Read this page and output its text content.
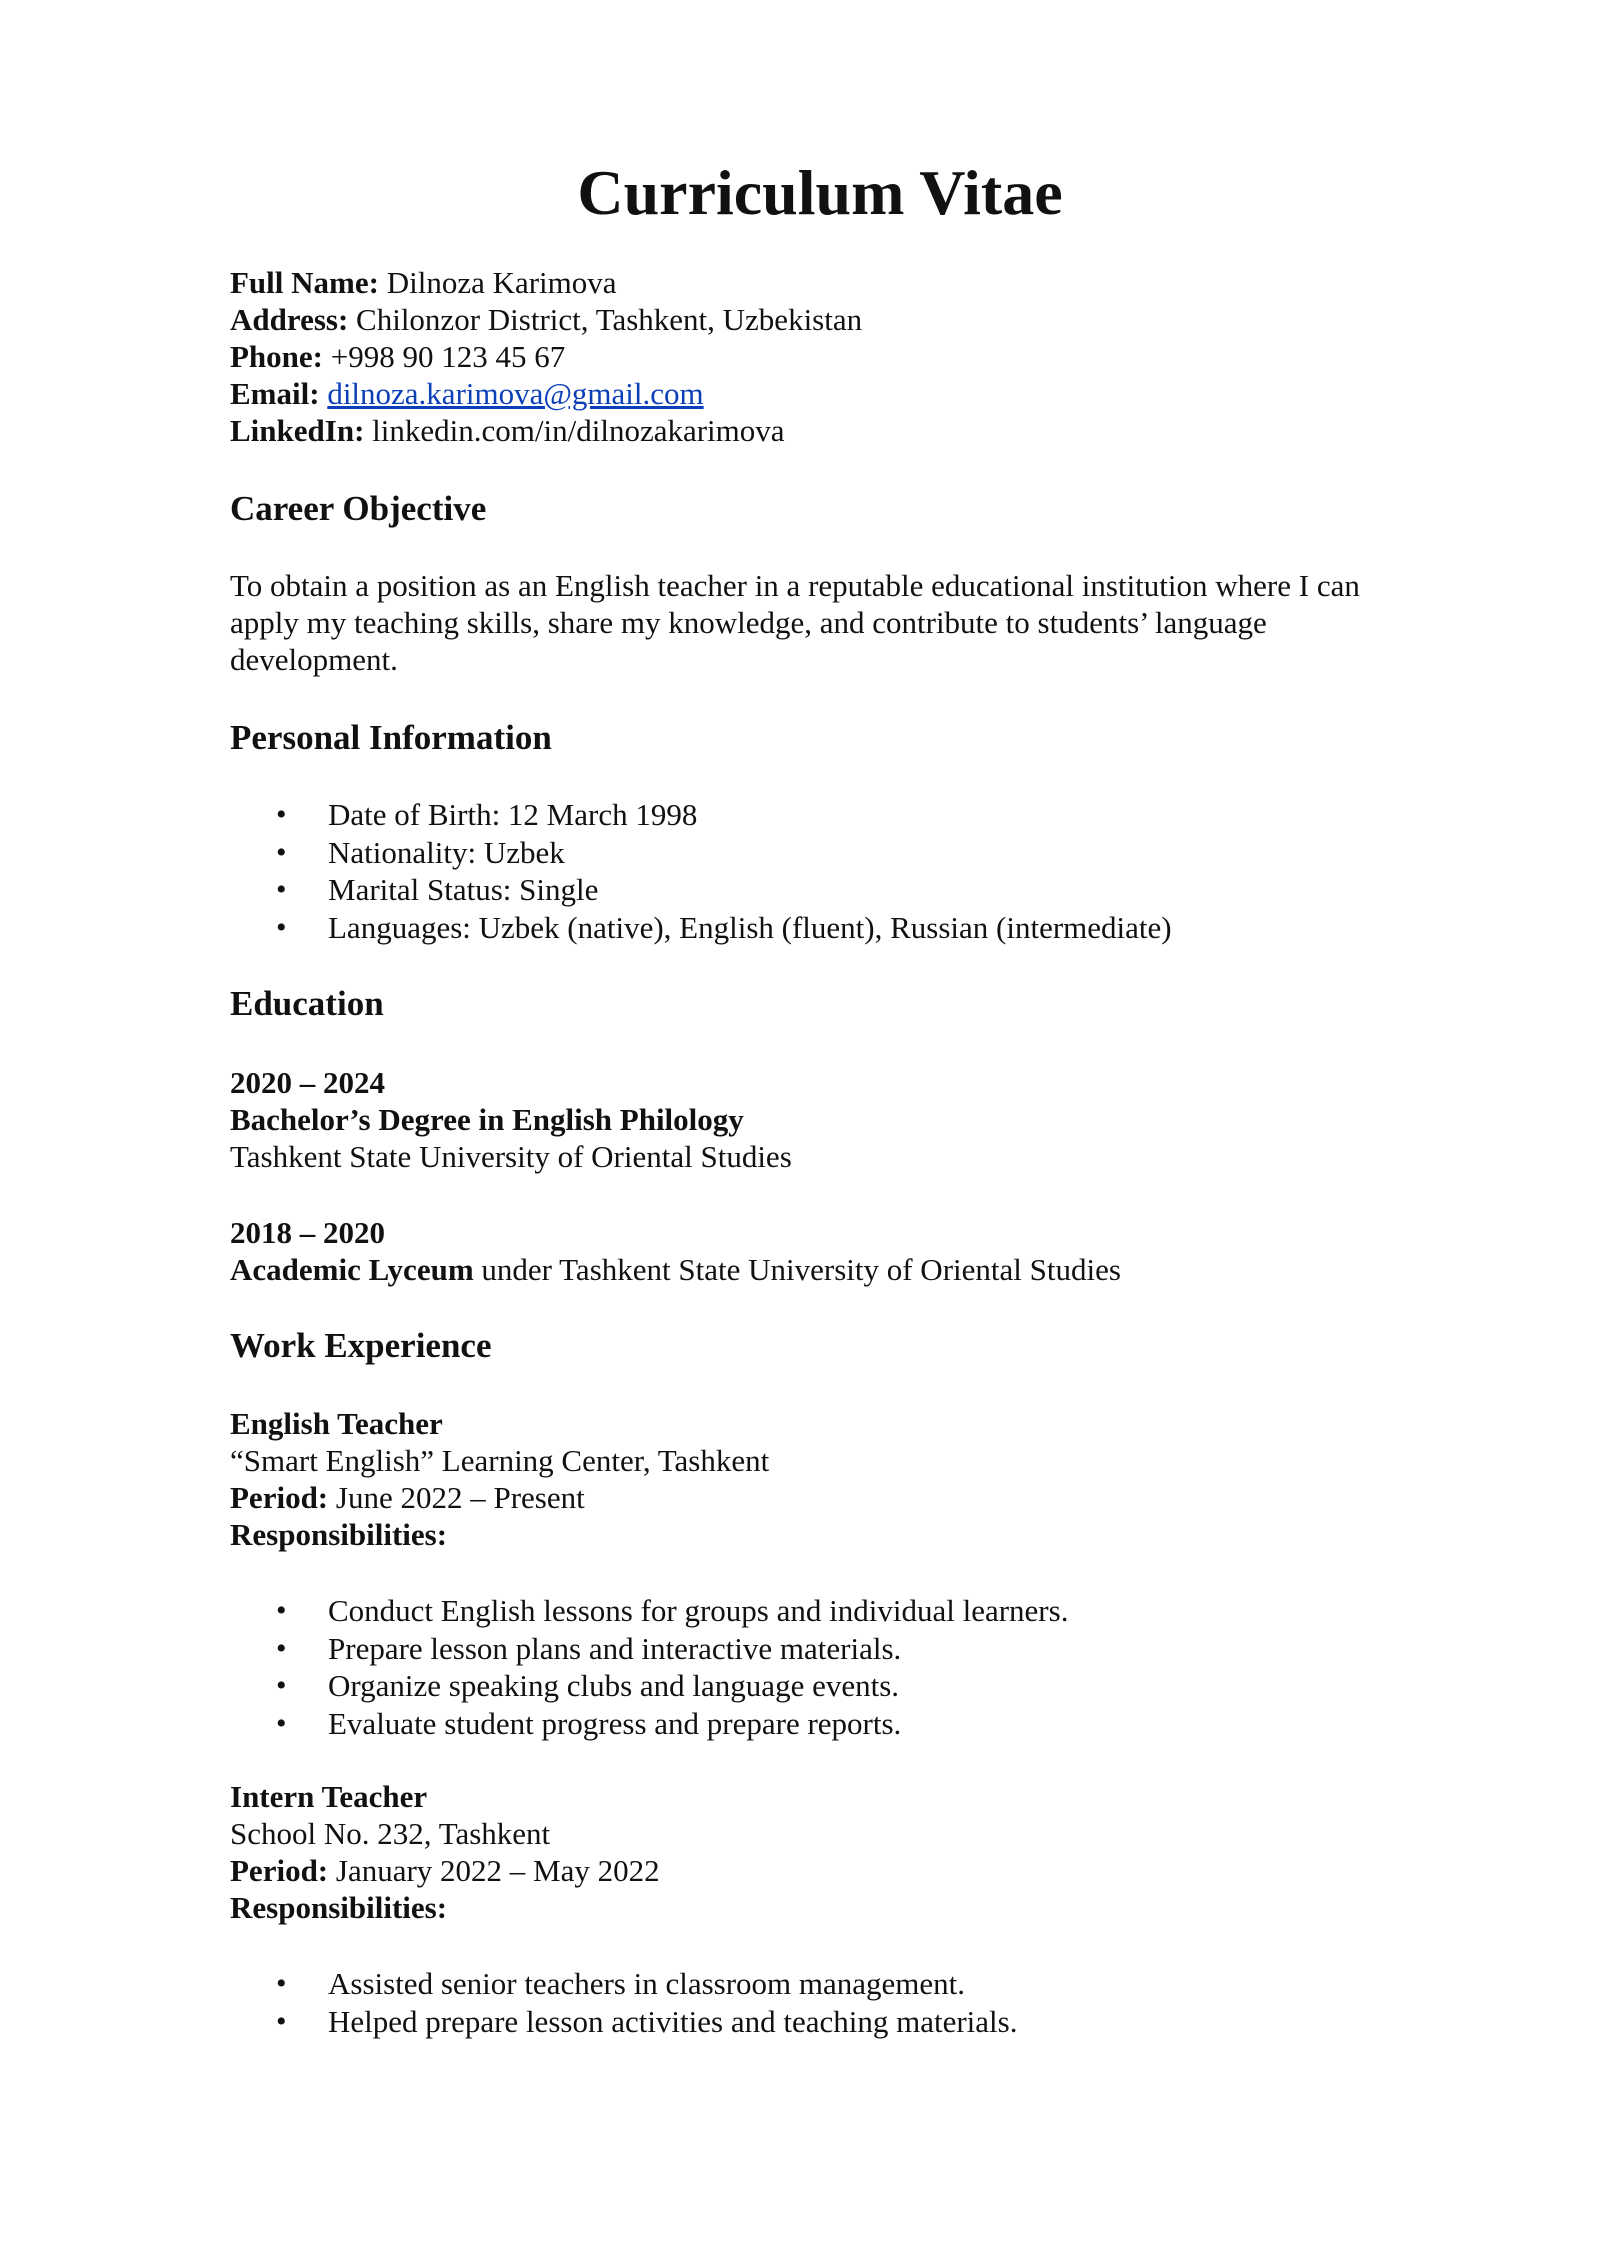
Curriculum Vitae
Full Name: Dilnoza Karimova
Address: Chilonzor District, Tashkent, Uzbekistan
Phone: +998 90 123 45 67
Email: dilnoza.karimova@gmail.com
LinkedIn: linkedin.com/in/dilnozakarimova
Career Objective
To obtain a position as an English teacher in a reputable educational institution where I can
apply my teaching skills, share my knowledge, and contribute to students’ language
development.
Personal Information
• Date of Birth: 12 March 1998
• Nationality: Uzbek
• Marital Status: Single
• Languages: Uzbek (native), English (fluent), Russian (intermediate)
Education
2020 – 2024
Bachelor’s Degree in English Philology
Tashkent State University of Oriental Studies
2018 – 2020
Academic Lyceum under Tashkent State University of Oriental Studies
Work Experience
English Teacher
“Smart English” Learning Center, Tashkent
Period: June 2022 – Present
Responsibilities:
• Conduct English lessons for groups and individual learners.
• Prepare lesson plans and interactive materials.
• Organize speaking clubs and language events.
• Evaluate student progress and prepare reports.
Intern Teacher
School No. 232, Tashkent
Period: January 2022 – May 2022
Responsibilities:
• Assisted senior teachers in classroom management.
• Helped prepare lesson activities and teaching materials.
